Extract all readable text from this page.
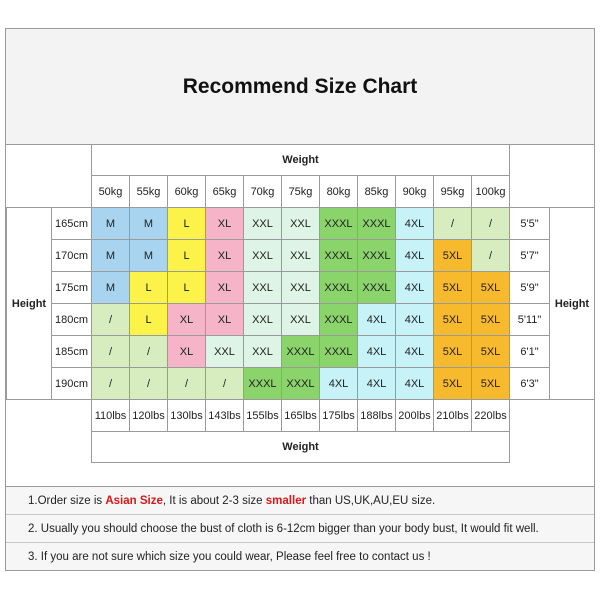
Recommend Size Chart
		Weight												
		50kg	55kg	60kg	65kg	70kg	75kg	80kg	85kg	90kg	95kg	100kg		
Height	165cm	M	M	L	XL	XXL	XXL	XXXL	XXXL	4XL	/	/	5'5"	Height
	170cm	M	M	L	XL	XXL	XXL	XXXL	XXXL	4XL	5XL	/	5'7"	
	175cm	M	L	L	XL	XXL	XXL	XXXL	XXXL	4XL	5XL	5XL	5'9"	
	180cm	/	L	XL	XL	XXL	XXL	XXXL	4XL	4XL	5XL	5XL	5'11"	
	185cm	/	/	XL	XXL	XXL	XXXL	XXXL	4XL	4XL	5XL	5XL	6'1"	
	190cm	/	/	/	/	XXXL	XXXL	4XL	4XL	4XL	5XL	5XL	6'3"	
		110lbs	120lbs	130lbs	143lbs	155lbs	165lbs	175lbs	188lbs	200lbs	210lbs	220lbs		
		Weight												
1.Order size is Asian Size, It is about 2-3 size smaller than US,UK,AU,EU size.
2. Usually you should choose the bust of cloth is 6-12cm bigger than your body bust, It would fit well.
3. If you are not sure which size you could wear, Please feel free to contact us !
